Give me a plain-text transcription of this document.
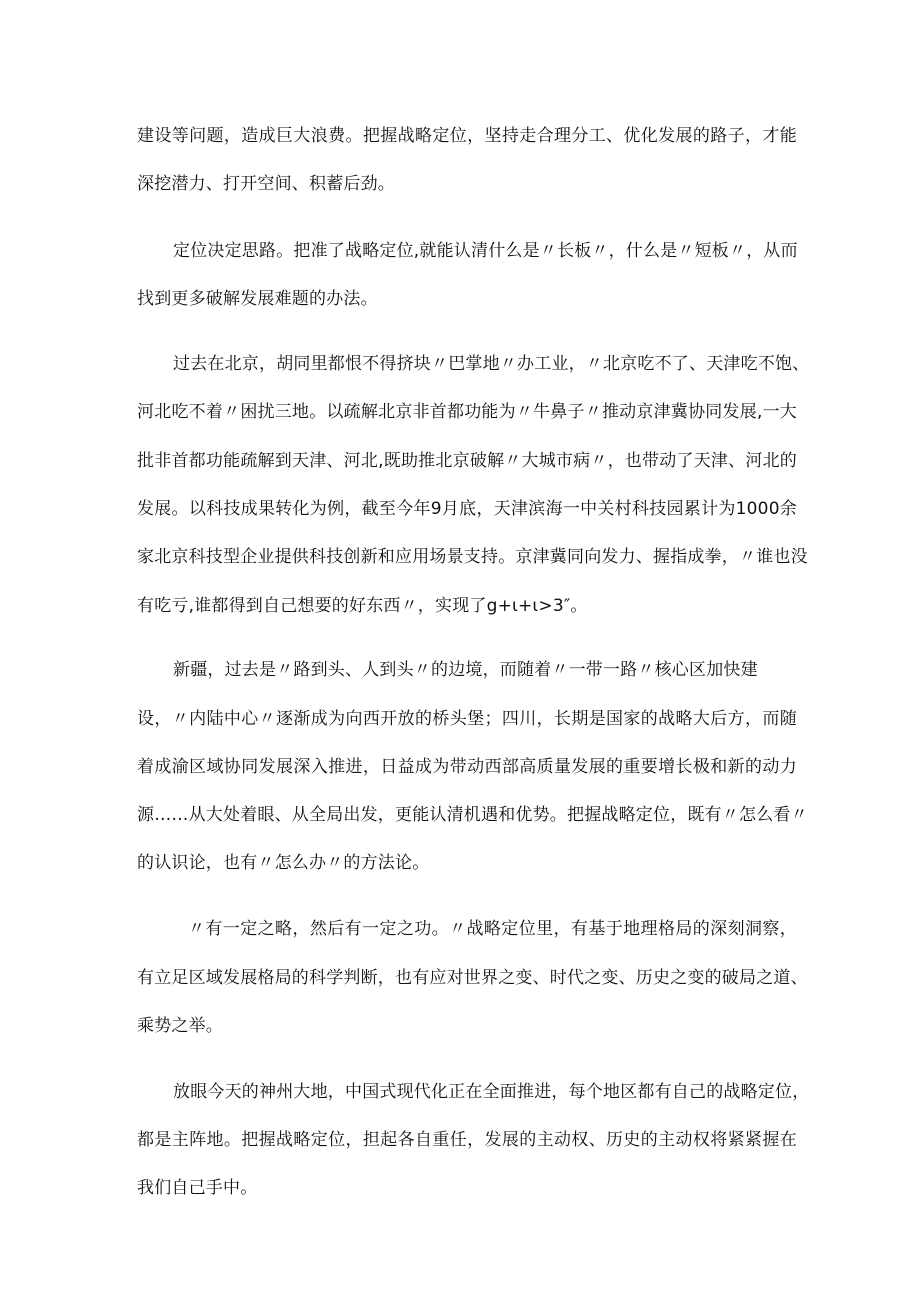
建设等问题，造成巨大浪费。把握战略定位，坚持走合理分工、优化发展的路子，才能
深挖潜力、打开空间、积蓄后劲。
定位决定思路。把准了战略定位,就能认清什么是〃长板〃，什么是〃短板〃，从而
找到更多破解发展难题的办法。
过去在北京，胡同里都恨不得挤块〃巴掌地〃办工业，〃北京吃不了、天津吃不饱、
河北吃不着〃困扰三地。以疏解北京非首都功能为〃牛鼻子〃推动京津冀协同发展,一大
批非首都功能疏解到天津、河北,既助推北京破解〃大城市病〃，也带动了天津、河北的
发展。以科技成果转化为例，截至今年9月底，天津滨海一中关村科技园累计为1000余
家北京科技型企业提供科技创新和应用场景支持。京津冀同向发力、握指成拳，〃谁也没
有吃亏,谁都得到自己想要的好东西〃，实现了g+ι+ι>3″。
新疆，过去是〃路到头、人到头〃的边境，而随着〃一带一路〃核心区加快建
设，〃内陆中心〃逐渐成为向西开放的桥头堡；四川，长期是国家的战略大后方，而随
着成渝区域协同发展深入推进，日益成为带动西部高质量发展的重要增长极和新的动力
源……从大处着眼、从全局出发，更能认清机遇和优势。把握战略定位，既有〃怎么看〃
的认识论，也有〃怎么办〃的方法论。
〃有一定之略，然后有一定之功。〃战略定位里，有基于地理格局的深刻洞察，
有立足区域发展格局的科学判断，也有应对世界之变、时代之变、历史之变的破局之道、
乘势之举。
放眼今天的神州大地，中国式现代化正在全面推进，每个地区都有自己的战略定位，
都是主阵地。把握战略定位，担起各自重任，发展的主动权、历史的主动权将紧紧握在
我们自己手中。
